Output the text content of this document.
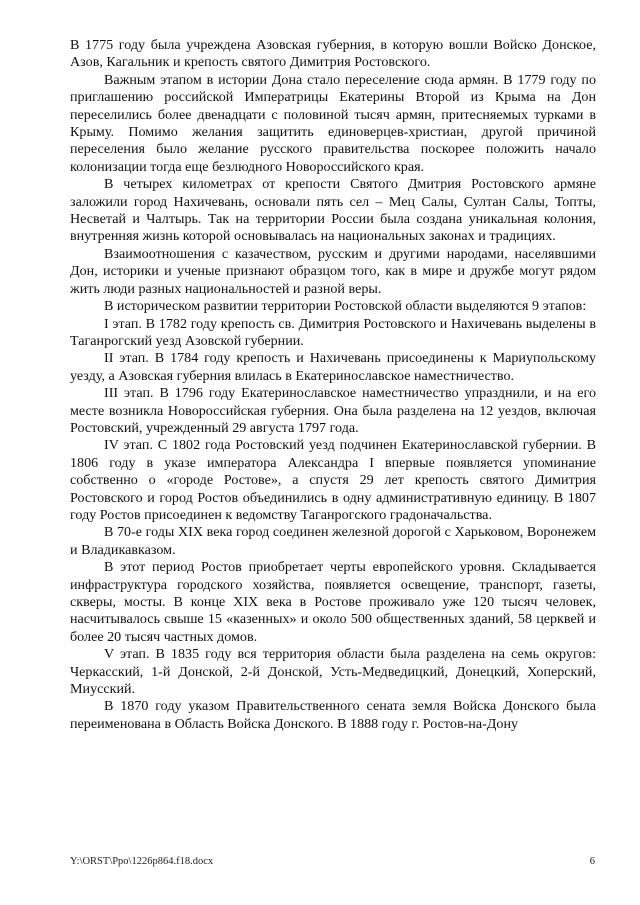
В 1775 году была учреждена Азовская губерния, в которую вошли Войско Донское, Азов, Кагальник и крепость святого Димитрия Ростовского.

Важным этапом в истории Дона стало переселение сюда армян. В 1779 году по приглашению российской Императрицы Екатерины Второй из Крыма на Дон переселились более двенадцати с половиной тысяч армян, притесняемых турками в Крыму. Помимо желания защитить единоверцев-христиан, другой причиной переселения было желание русского правительства поскорее положить начало колонизации тогда еще безлюдного Новороссийского края.

В четырех километрах от крепости Святого Дмитрия Ростовского армяне заложили город Нахичевань, основали пять сел – Мец Салы, Султан Салы, Топты, Несветай и Чалтырь. Так на территории России была создана уникальная колония, внутренняя жизнь которой основывалась на национальных законах и традициях.

Взаимоотношения с казачеством, русским и другими народами, населявшими Дон, историки и ученые признают образцом того, как в мире и дружбе могут рядом жить люди разных национальностей и разной веры.

В историческом развитии территории Ростовской области выделяются 9 этапов:

I этап. В 1782 году крепость св. Димитрия Ростовского и Нахичевань выделены в Таганрогский уезд Азовской губернии.

II этап. В 1784 году крепость и Нахичевань присоединены к Мариупольскому уезду, а Азовская губерния влилась в Екатеринославское наместничество.

III этап. В 1796 году Екатеринославское наместничество упразднили, и на его месте возникла Новороссийская губерния. Она была разделена на 12 уездов, включая Ростовский, учрежденный 29 августа 1797 года.

IV этап. С 1802 года Ростовский уезд подчинен Екатеринославской губернии. В 1806 году в указе императора Александра I впервые появляется упоминание собственно о «городе Ростове», а спустя 29 лет крепость святого Димитрия Ростовского и город Ростов объединились в одну административную единицу. В 1807 году Ростов присоединен к ведомству Таганрогского градоначальства.

В 70-е годы XIX века город соединен железной дорогой с Харьковом, Воронежем и Владикавказом.

В этот период Ростов приобретает черты европейского уровня. Складывается инфраструктура городского хозяйства, появляется освещение, транспорт, газеты, скверы, мосты. В конце XIX века в Ростове проживало уже 120 тысяч человек, насчитывалось свыше 15 «казенных» и около 500 общественных зданий, 58 церквей и более 20 тысяч частных домов.

V этап. В 1835 году вся территория области была разделена на семь округов: Черкасский, 1-й Донской, 2-й Донской, Усть-Медведицкий, Донецкий, Хоперский, Миусский.

В 1870 году указом Правительственного сената земля Войска Донского была переименована в Область Войска Донского. В 1888 году г. Ростов-на-Дону

Y:\ORST\Ppo\1226p864.f18.docx	6
